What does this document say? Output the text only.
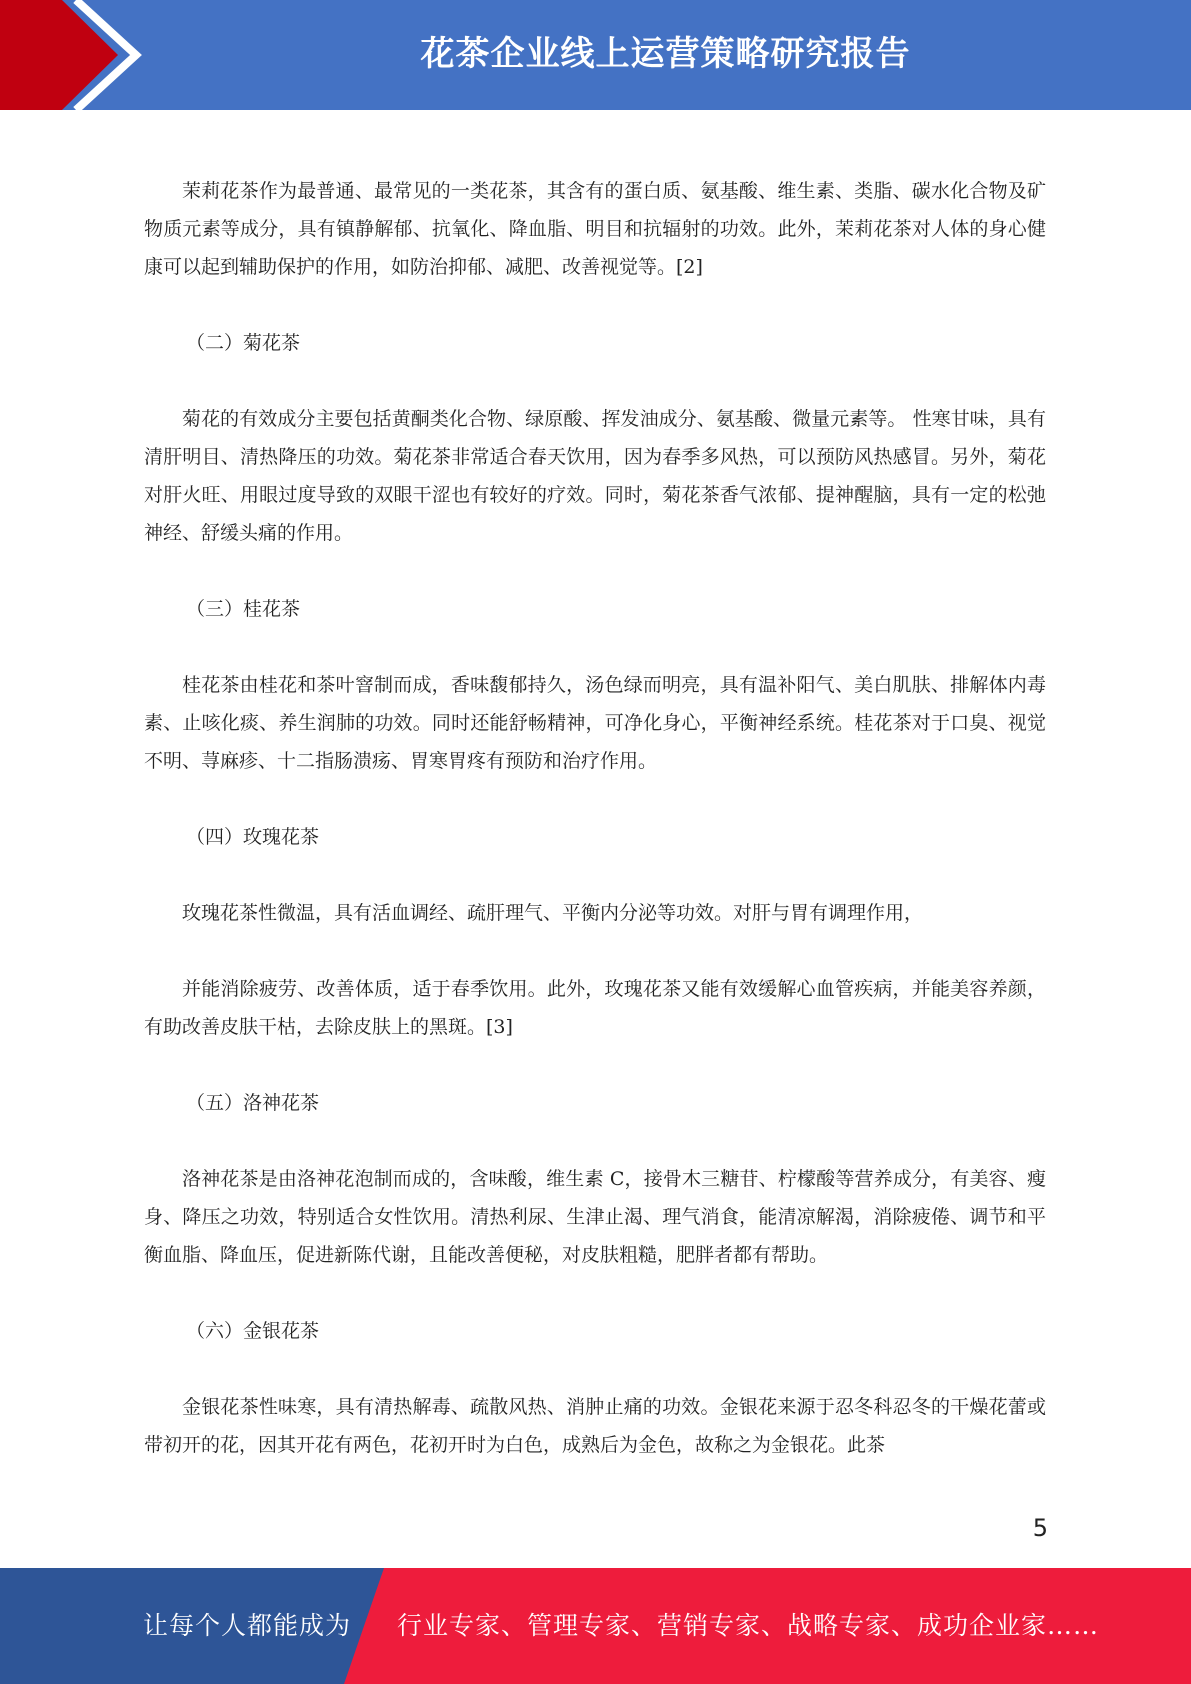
花茶企业线上运营策略研究报告

茉莉花茶作为最普通、最常见的一类花茶，其含有的蛋白质、氨基酸、维生素、类脂、碳水化合物及矿物质元素等成分，具有镇静解郁、抗氧化、降血脂、明目和抗辐射的功效。此外，茉莉花茶对人体的身心健康可以起到辅助保护的作用，如防治抑郁、减肥、改善视觉等。[2]

（二）菊花茶

菊花的有效成分主要包括黄酮类化合物、绿原酸、挥发油成分、氨基酸、微量元素等。 性寒甘味，具有清肝明目、清热降压的功效。菊花茶非常适合春天饮用，因为春季多风热，可以预防风热感冒。另外，菊花对肝火旺、用眼过度导致的双眼干涩也有较好的疗效。同时，菊花茶香气浓郁、提神醒脑，具有一定的松弛神经、舒缓头痛的作用。

（三）桂花茶

桂花茶由桂花和茶叶窨制而成，香味馥郁持久，汤色绿而明亮，具有温补阳气、美白肌肤、排解体内毒素、止咳化痰、养生润肺的功效。同时还能舒畅精神，可净化身心，平衡神经系统。桂花茶对于口臭、视觉不明、荨麻疹、十二指肠溃疡、胃寒胃疼有预防和治疗作用。

（四）玫瑰花茶

玫瑰花茶性微温，具有活血调经、疏肝理气、平衡内分泌等功效。对肝与胃有调理作用，

并能消除疲劳、改善体质，适于春季饮用。此外，玫瑰花茶又能有效缓解心血管疾病，并能美容养颜，有助改善皮肤干枯，去除皮肤上的黑斑。[3]

（五）洛神花茶

洛神花茶是由洛神花泡制而成的，含味酸，维生素 C，接骨木三糖苷、柠檬酸等营养成分，有美容、瘦身、降压之功效，特别适合女性饮用。清热利尿、生津止渴、理气消食，能清凉解渴，消除疲倦、调节和平衡血脂、降血压，促进新陈代谢，且能改善便秘，对皮肤粗糙，肥胖者都有帮助。

（六）金银花茶

金银花茶性味寒，具有清热解毒、疏散风热、消肿止痛的功效。金银花来源于忍冬科忍冬的干燥花蕾或带初开的花，因其开花有两色，花初开时为白色，成熟后为金色，故称之为金银花。此茶

5
让每个人都能成为 行业专家、管理专家、营销专家、战略专家、成功企业家……
